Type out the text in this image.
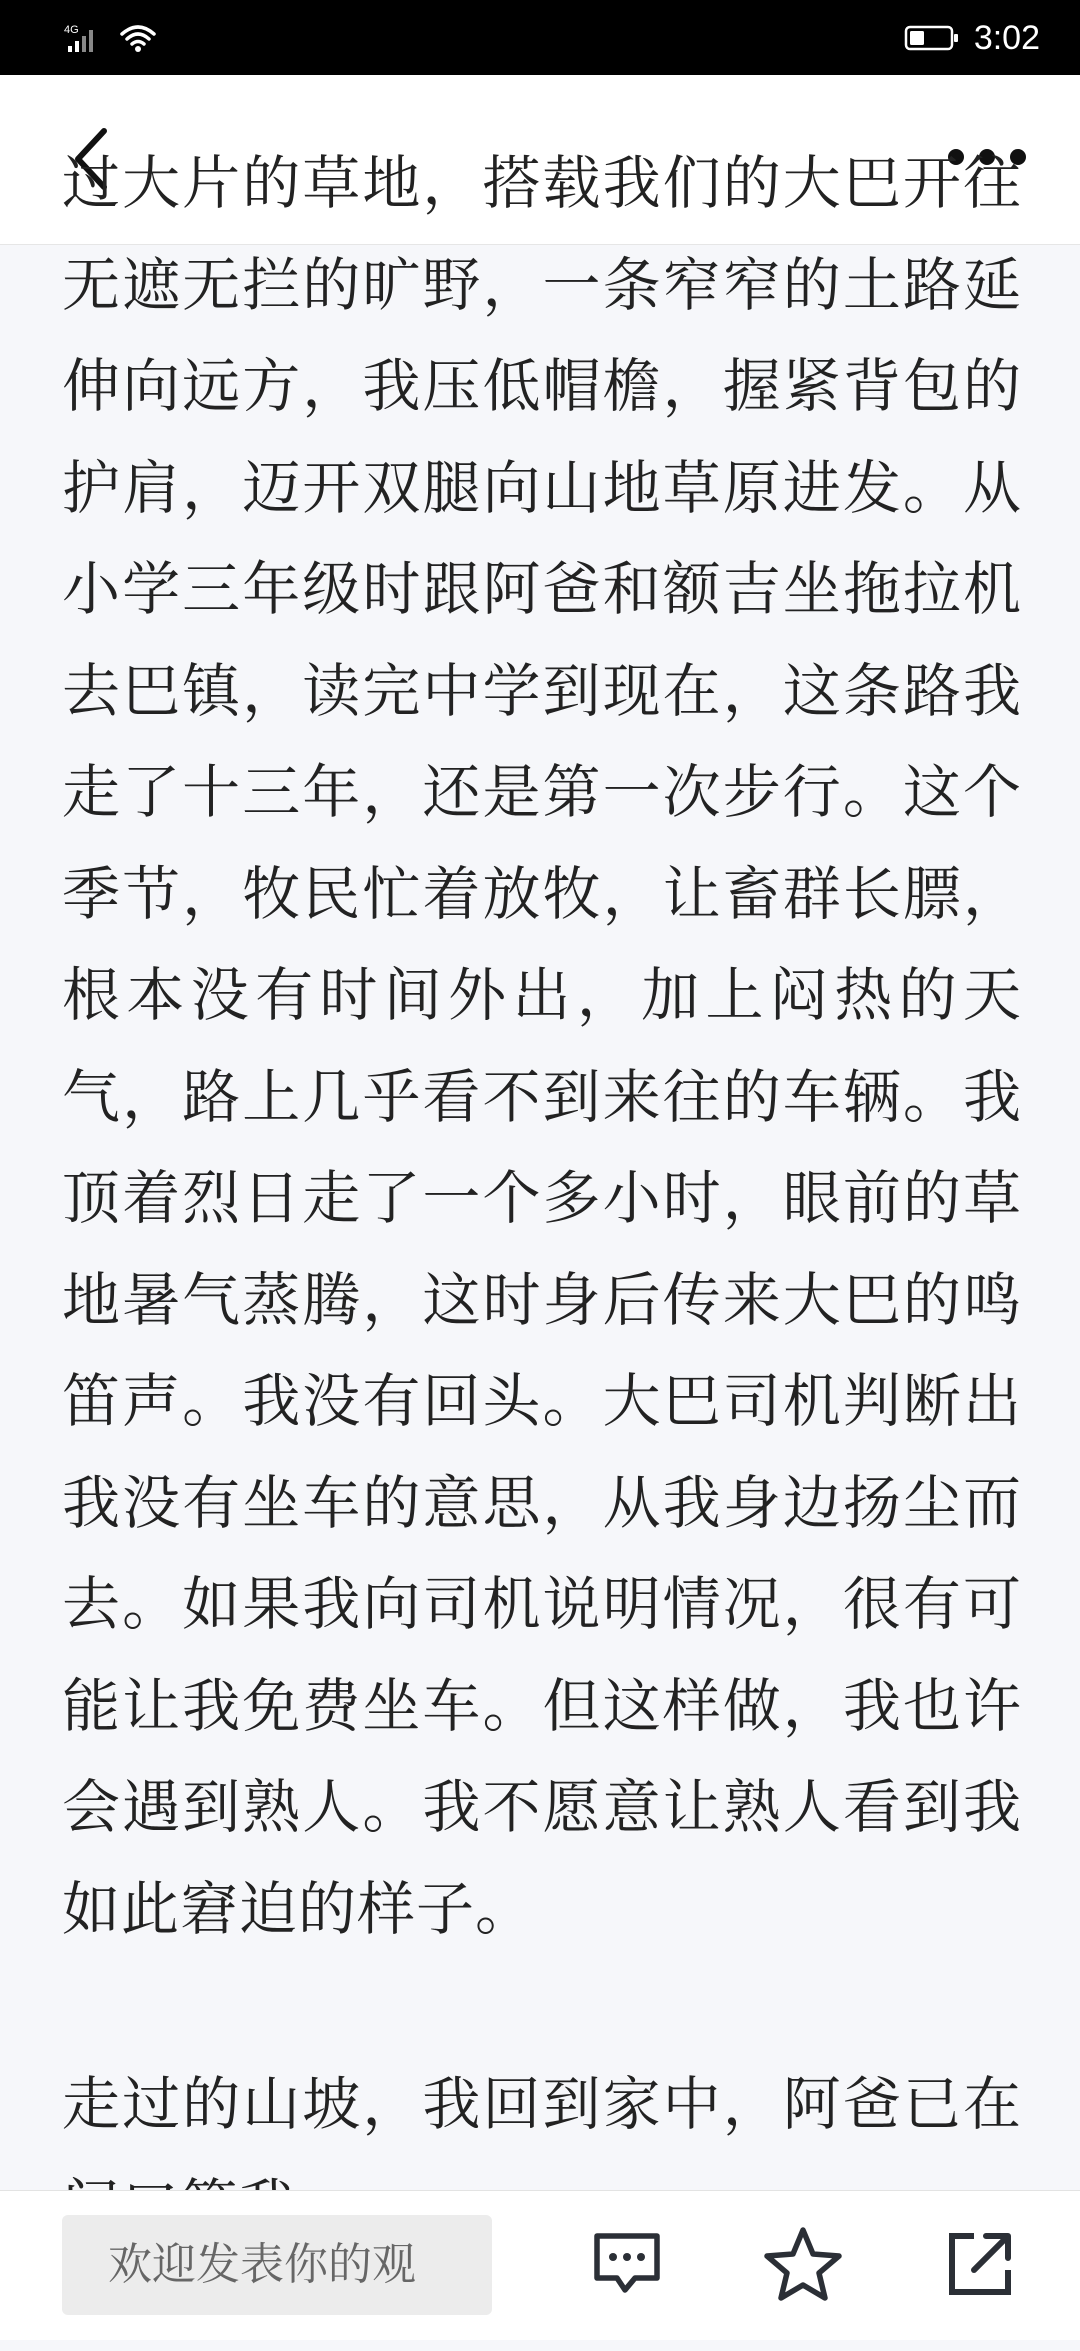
4G	3:02

过大片的草地，搭载我们的大巴开往无遮无拦的旷野，一条窄窄的土路延伸向远方，我压低帽檐，握紧背包的护肩，迈开双腿向山地草原进发。从小学三年级时跟阿爸和额吉坐拖拉机去巴镇，读完中学到现在，这条路我走了十三年，还是第一次步行。这个季节，牧民忙着放牧，让畜群长膘，根本没有时间外出，加上闷热的天气，路上几乎看不到来往的车辆。我顶着烈日走了一个多小时，眼前的草地暑气蒸腾，这时身后传来大巴的鸣笛声。我没有回头。大巴司机判断出我没有坐车的意思，从我身边扬尘而去。如果我向司机说明情况，很有可能让我免费坐车。但这样做，我也许会遇到熟人。我不愿意让熟人看到我如此窘迫的样子。

走过的山坡，我回到家中，阿爸已在

欢迎发表你的观
